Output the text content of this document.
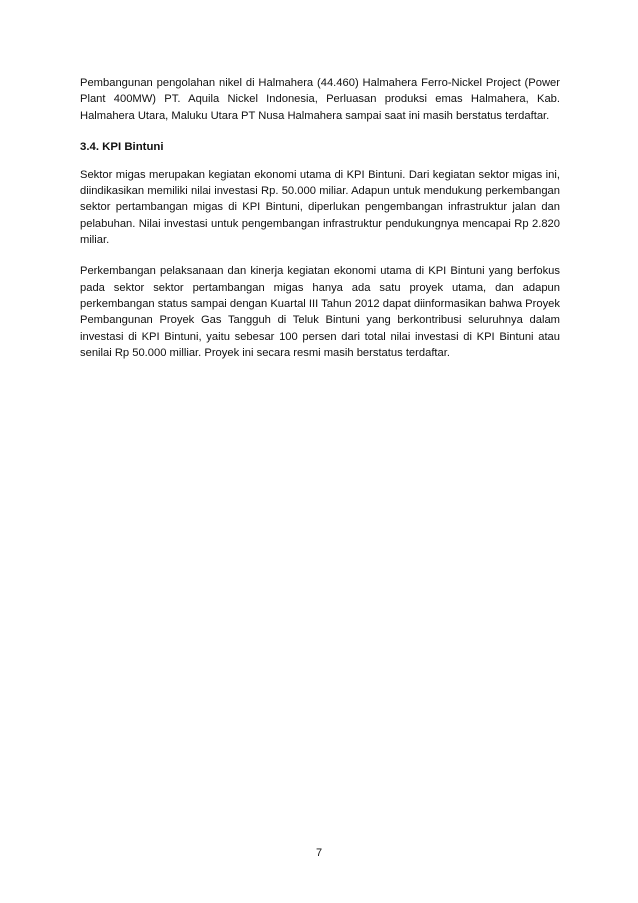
Pembangunan pengolahan nikel di Halmahera (44.460) Halmahera Ferro-Nickel Project (Power Plant 400MW) PT. Aquila Nickel Indonesia, Perluasan produksi emas Halmahera, Kab. Halmahera Utara, Maluku Utara PT Nusa Halmahera sampai saat ini masih berstatus terdaftar.

3.4. KPI Bintuni

Sektor migas merupakan kegiatan ekonomi utama di KPI Bintuni. Dari kegiatan sektor migas ini, diindikasikan memiliki nilai investasi Rp. 50.000 miliar. Adapun untuk mendukung perkembangan sektor pertambangan migas di KPI Bintuni, diperlukan pengembangan infrastruktur jalan dan pelabuhan. Nilai investasi untuk pengembangan infrastruktur pendukungnya mencapai Rp 2.820 miliar.

Perkembangan pelaksanaan dan kinerja kegiatan ekonomi utama di KPI Bintuni yang berfokus pada sektor sektor pertambangan migas hanya ada satu proyek utama, dan adapun perkembangan status sampai dengan Kuartal III Tahun 2012 dapat diinformasikan bahwa Proyek Pembangunan Proyek Gas Tangguh di Teluk Bintuni yang berkontribusi seluruhnya dalam investasi di KPI Bintuni, yaitu sebesar 100 persen dari total nilai investasi di KPI Bintuni atau senilai Rp 50.000 milliar. Proyek ini secara resmi masih berstatus terdaftar.

7
